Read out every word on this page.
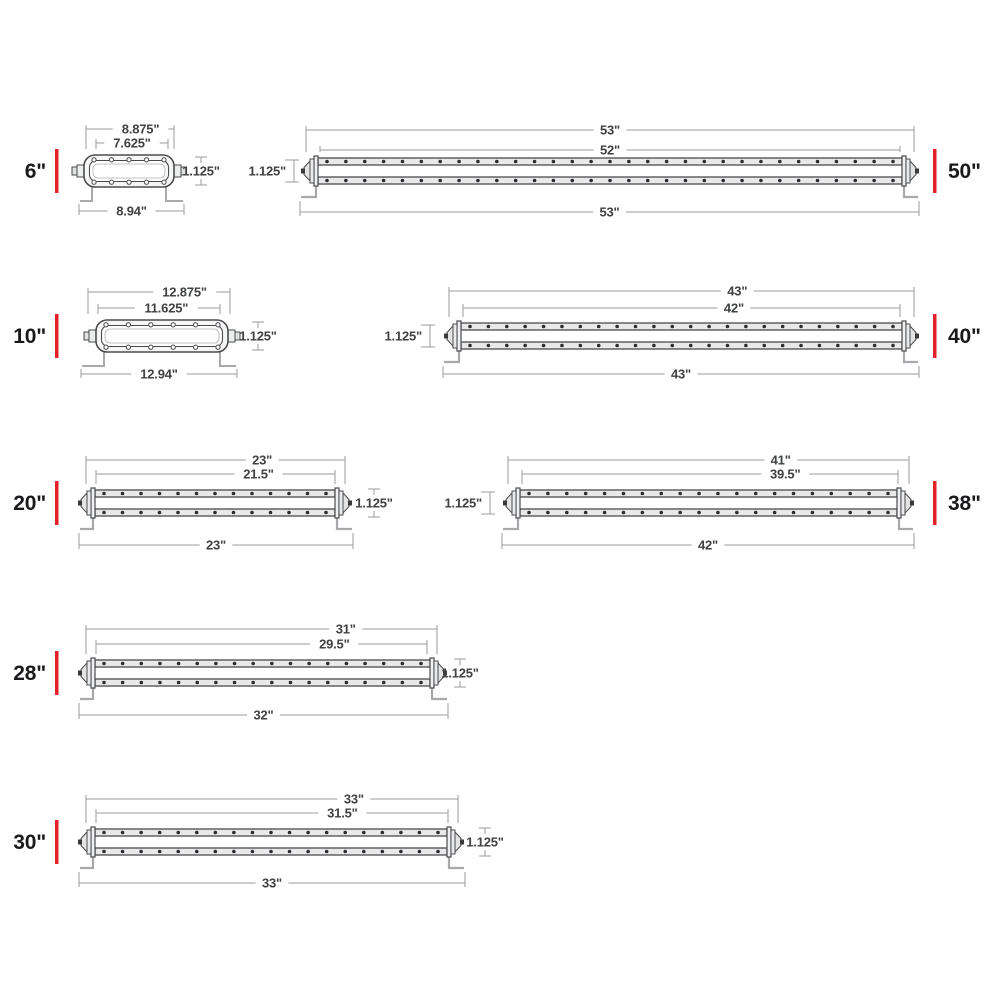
8.875"
7.625"
8.94"
1.125"
6"
53"
52"
53"
1.125"	50"
12.875"
11.625"
12.94"
1.125"
10"
43"
42"
43"
1.125"	40"
23"
21.5"
23"
1.125"
20"
41"
39.5"
42"
1.125"	38"
31"
29.5"
32"
1.125"
28"
33"
31.5"
33"
1.125"
30"
